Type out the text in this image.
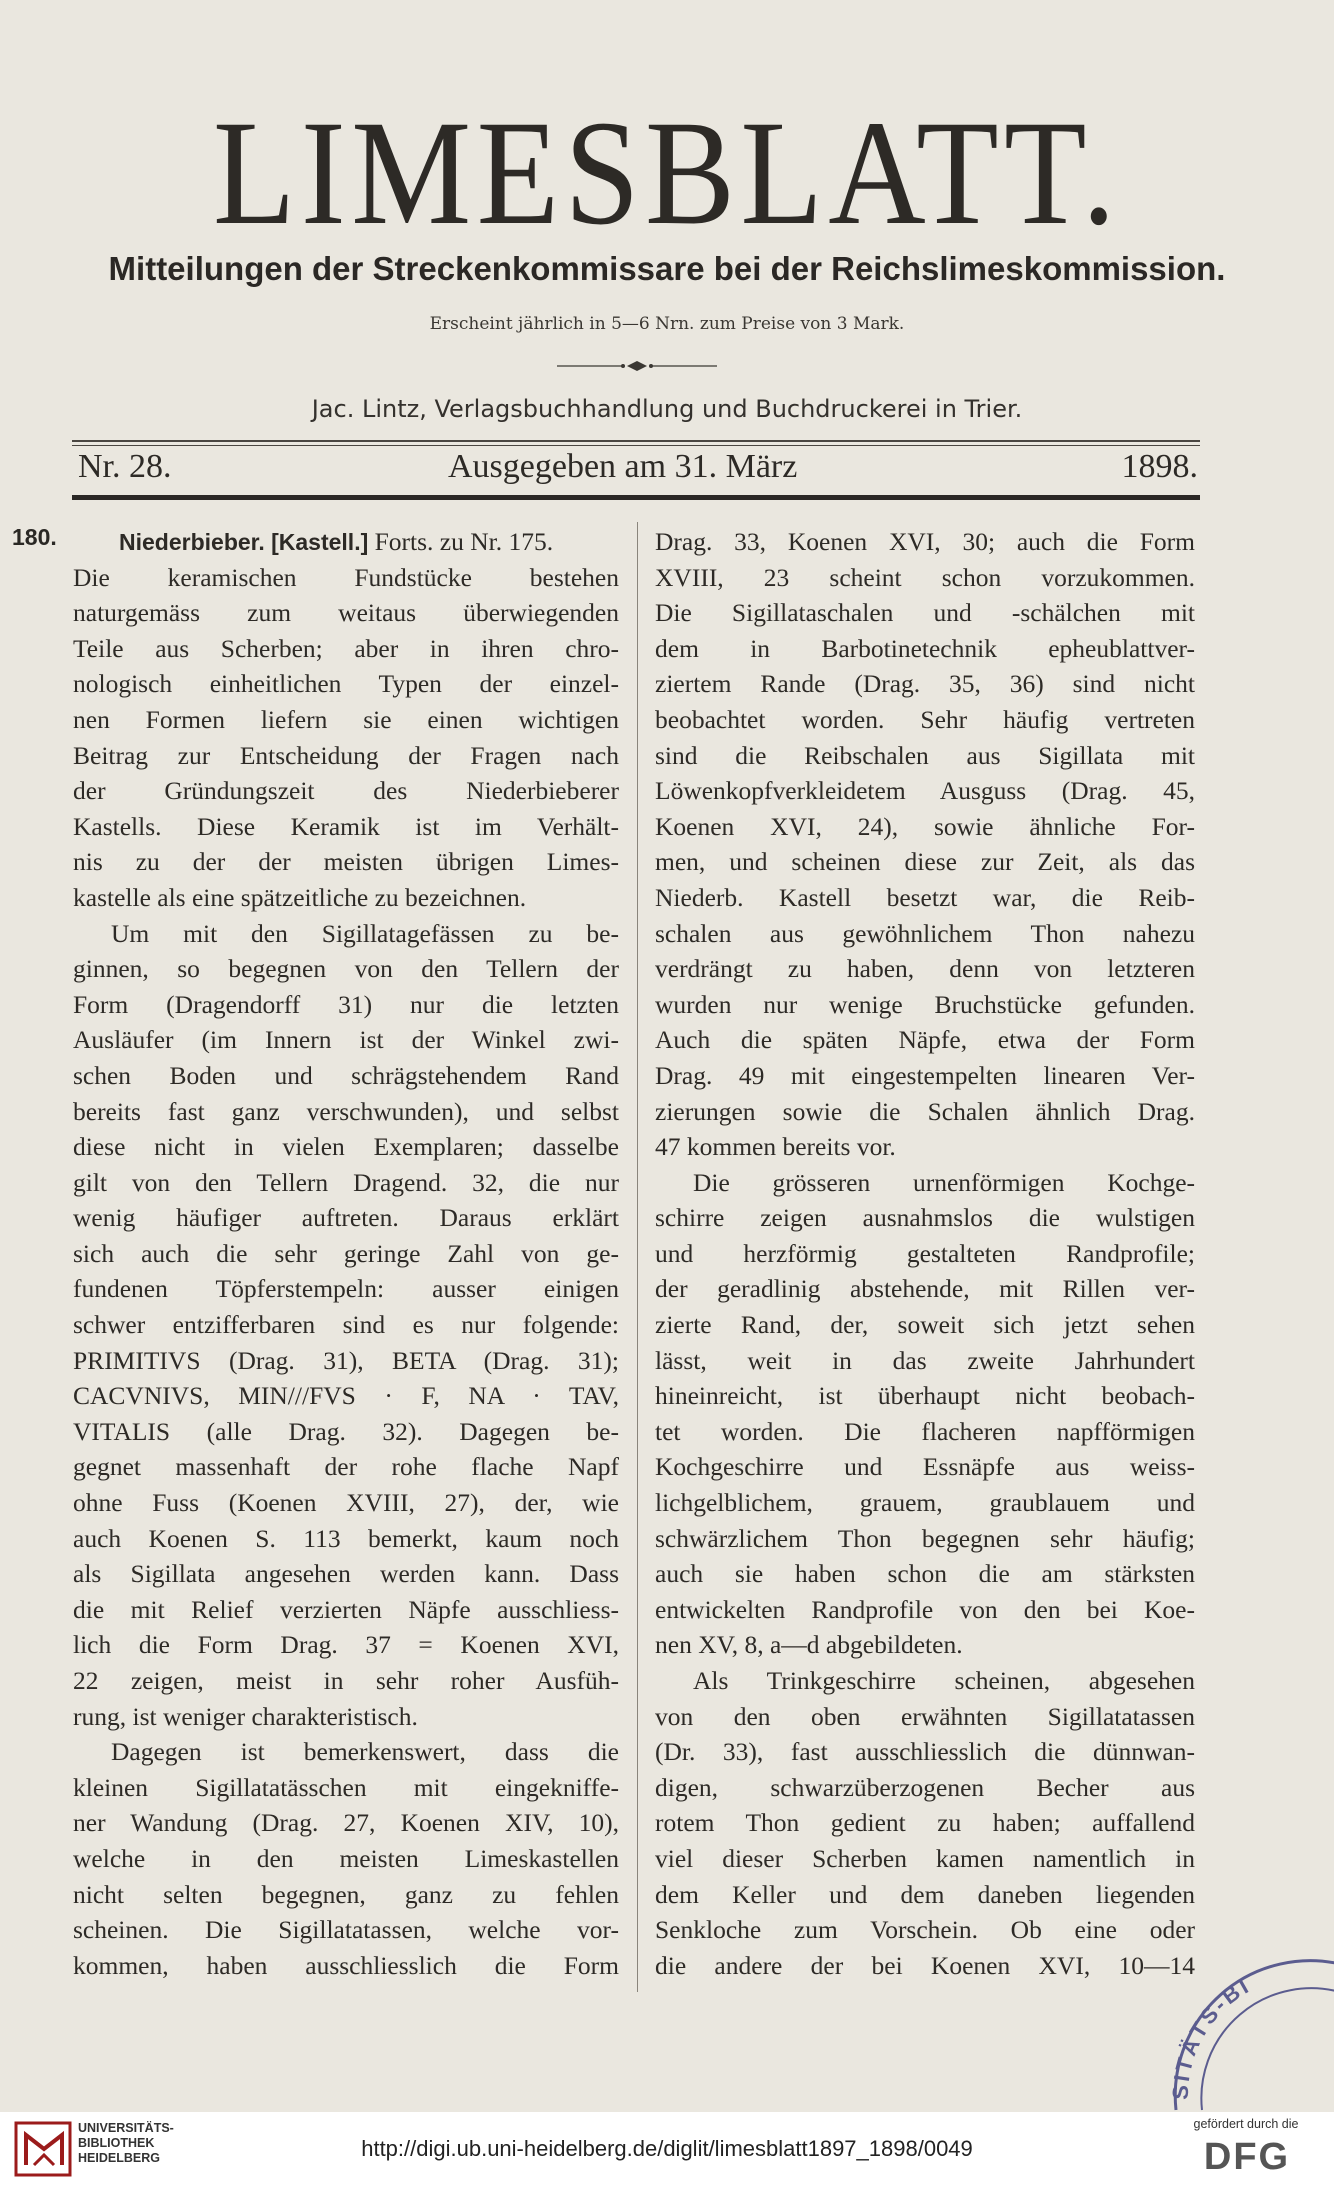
LIMESBLATT.
Mitteilungen der Streckenkommissare bei der Reichslimeskommission.
Erscheint jährlich in 5—6 Nrn. zum Preise von 3 Mark.
Jac. Lintz, Verlagsbuchhandlung und Buchdruckerei in Trier.
Nr. 28.	Ausgegeben am 31. März	1898.
180.	Niederbieber. [Kastell.] Forts. zu Nr. 175.
Die keramischen Fundstücke bestehen
naturgemäss zum weitaus überwiegenden
Teile aus Scherben; aber in ihren chro-
nologisch einheitlichen Typen der einzel-
nen Formen liefern sie einen wichtigen
Beitrag zur Entscheidung der Fragen nach
der Gründungszeit des Niederbieberer
Kastells. Diese Keramik ist im Verhält-
nis zu der der meisten übrigen Limes-
kastelle als eine spätzeitliche zu bezeichnen.
Um mit den Sigillatagefässen zu be-
ginnen, so begegnen von den Tellern der
Form (Dragendorff 31) nur die letzten
Ausläufer (im Innern ist der Winkel zwi-
schen Boden und schrägstehendem Rand
bereits fast ganz verschwunden), und selbst
diese nicht in vielen Exemplaren; dasselbe
gilt von den Tellern Dragend. 32, die nur
wenig häufiger auftreten. Daraus erklärt
sich auch die sehr geringe Zahl von ge-
fundenen Töpferstempeln: ausser einigen
schwer entzifferbaren sind es nur folgende:
PRIMITIVS (Drag. 31), BETA (Drag. 31);
CACVNIVS, MIN///FVS · F, NA · TAV,
VITALIS (alle Drag. 32). Dagegen be-
gegnet massenhaft der rohe flache Napf
ohne Fuss (Koenen XVIII, 27), der, wie
auch Koenen S. 113 bemerkt, kaum noch
als Sigillata angesehen werden kann. Dass
die mit Relief verzierten Näpfe ausschliess-
lich die Form Drag. 37 = Koenen XVI,
22 zeigen, meist in sehr roher Ausfüh-
rung, ist weniger charakteristisch.
Dagegen ist bemerkenswert, dass die
kleinen Sigillatatässchen mit eingekniffe-
ner Wandung (Drag. 27, Koenen XIV, 10),
welche in den meisten Limeskastellen
nicht selten begegnen, ganz zu fehlen
scheinen. Die Sigillatatassen, welche vor-
kommen, haben ausschliesslich die Form
Drag. 33, Koenen XVI, 30; auch die Form
XVIII, 23 scheint schon vorzukommen.
Die Sigillataschalen und -schälchen mit
dem in Barbotinetechnik epheublattver-
ziertem Rande (Drag. 35, 36) sind nicht
beobachtet worden. Sehr häufig vertreten
sind die Reibschalen aus Sigillata mit
Löwenkopfverkleidetem Ausguss (Drag. 45,
Koenen XVI, 24), sowie ähnliche For-
men, und scheinen diese zur Zeit, als das
Niederb. Kastell besetzt war, die Reib-
schalen aus gewöhnlichem Thon nahezu
verdrängt zu haben, denn von letzteren
wurden nur wenige Bruchstücke gefunden.
Auch die späten Näpfe, etwa der Form
Drag. 49 mit eingestempelten linearen Ver-
zierungen sowie die Schalen ähnlich Drag.
47 kommen bereits vor.
Die grösseren urnenförmigen Kochge-
schirre zeigen ausnahmslos die wulstigen
und herzförmig gestalteten Randprofile;
der geradlinig abstehende, mit Rillen ver-
zierte Rand, der, soweit sich jetzt sehen
lässt, weit in das zweite Jahrhundert
hineinreicht, ist überhaupt nicht beobach-
tet worden. Die flacheren napfförmigen
Kochgeschirre und Essnäpfe aus weiss-
lichgelblichem, grauem, graublauem und
schwärzlichem Thon begegnen sehr häufig;
auch sie haben schon die am stärksten
entwickelten Randprofile von den bei Koe-
nen XV, 8, a—d abgebildeten.
Als Trinkgeschirre scheinen, abgesehen
von den oben erwähnten Sigillatatassen
(Dr. 33), fast ausschliesslich die dünnwan-
digen, schwarzüberzogenen Becher aus
rotem Thon gedient zu haben; auffallend
viel dieser Scherben kamen namentlich in
dem Keller und dem daneben liegenden
Senkloche zum Vorschein. Ob eine oder
die andere der bei Koenen XVI, 10—14
SITÄTS-BI
UNIVERSITÄTS-
BIBLIOTHEK
HEIDELBERG	http://digi.ub.uni-heidelberg.de/diglit/limesblatt1897_1898/0049
gefördert durch die
DFG
